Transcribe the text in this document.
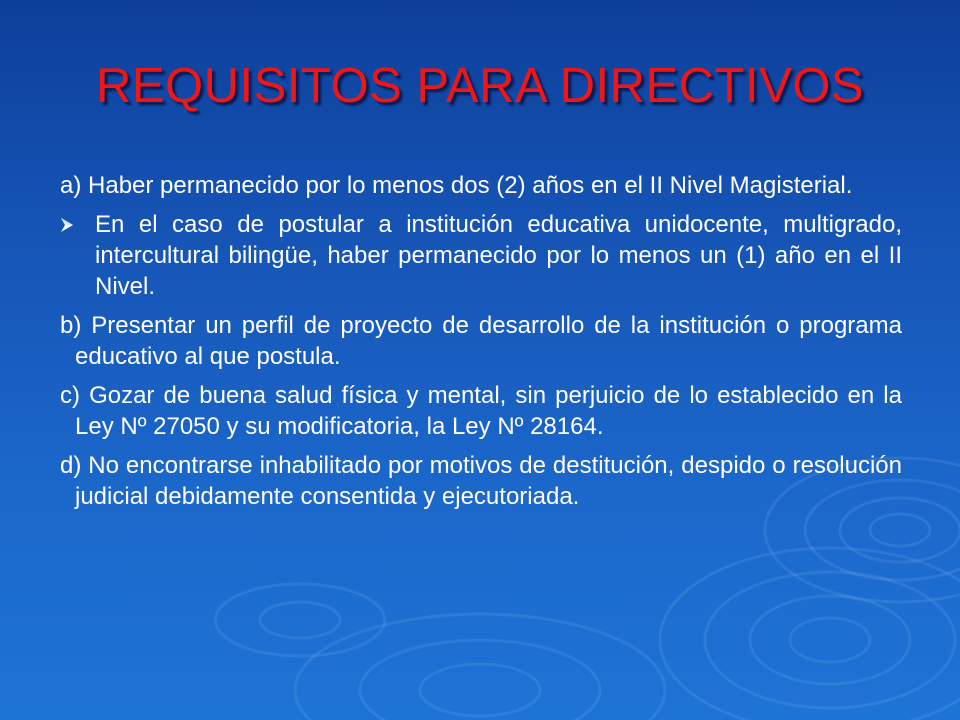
REQUISITOS PARA DIRECTIVOS

a) Haber permanecido por lo menos dos (2) años en el II Nivel Magisterial.

En el caso de postular a institución educativa unidocente, multigrado, intercultural bilingüe, haber permanecido por lo menos un (1) año en el II Nivel.

b) Presentar un perfil de proyecto de desarrollo de la institución o programa educativo al que postula.

c) Gozar de buena salud física y mental, sin perjuicio de lo establecido en la Ley Nº 27050 y su modificatoria, la Ley Nº 28164.

d) No encontrarse inhabilitado por motivos de destitución, despido o resolución judicial debidamente consentida y ejecutoriada.
